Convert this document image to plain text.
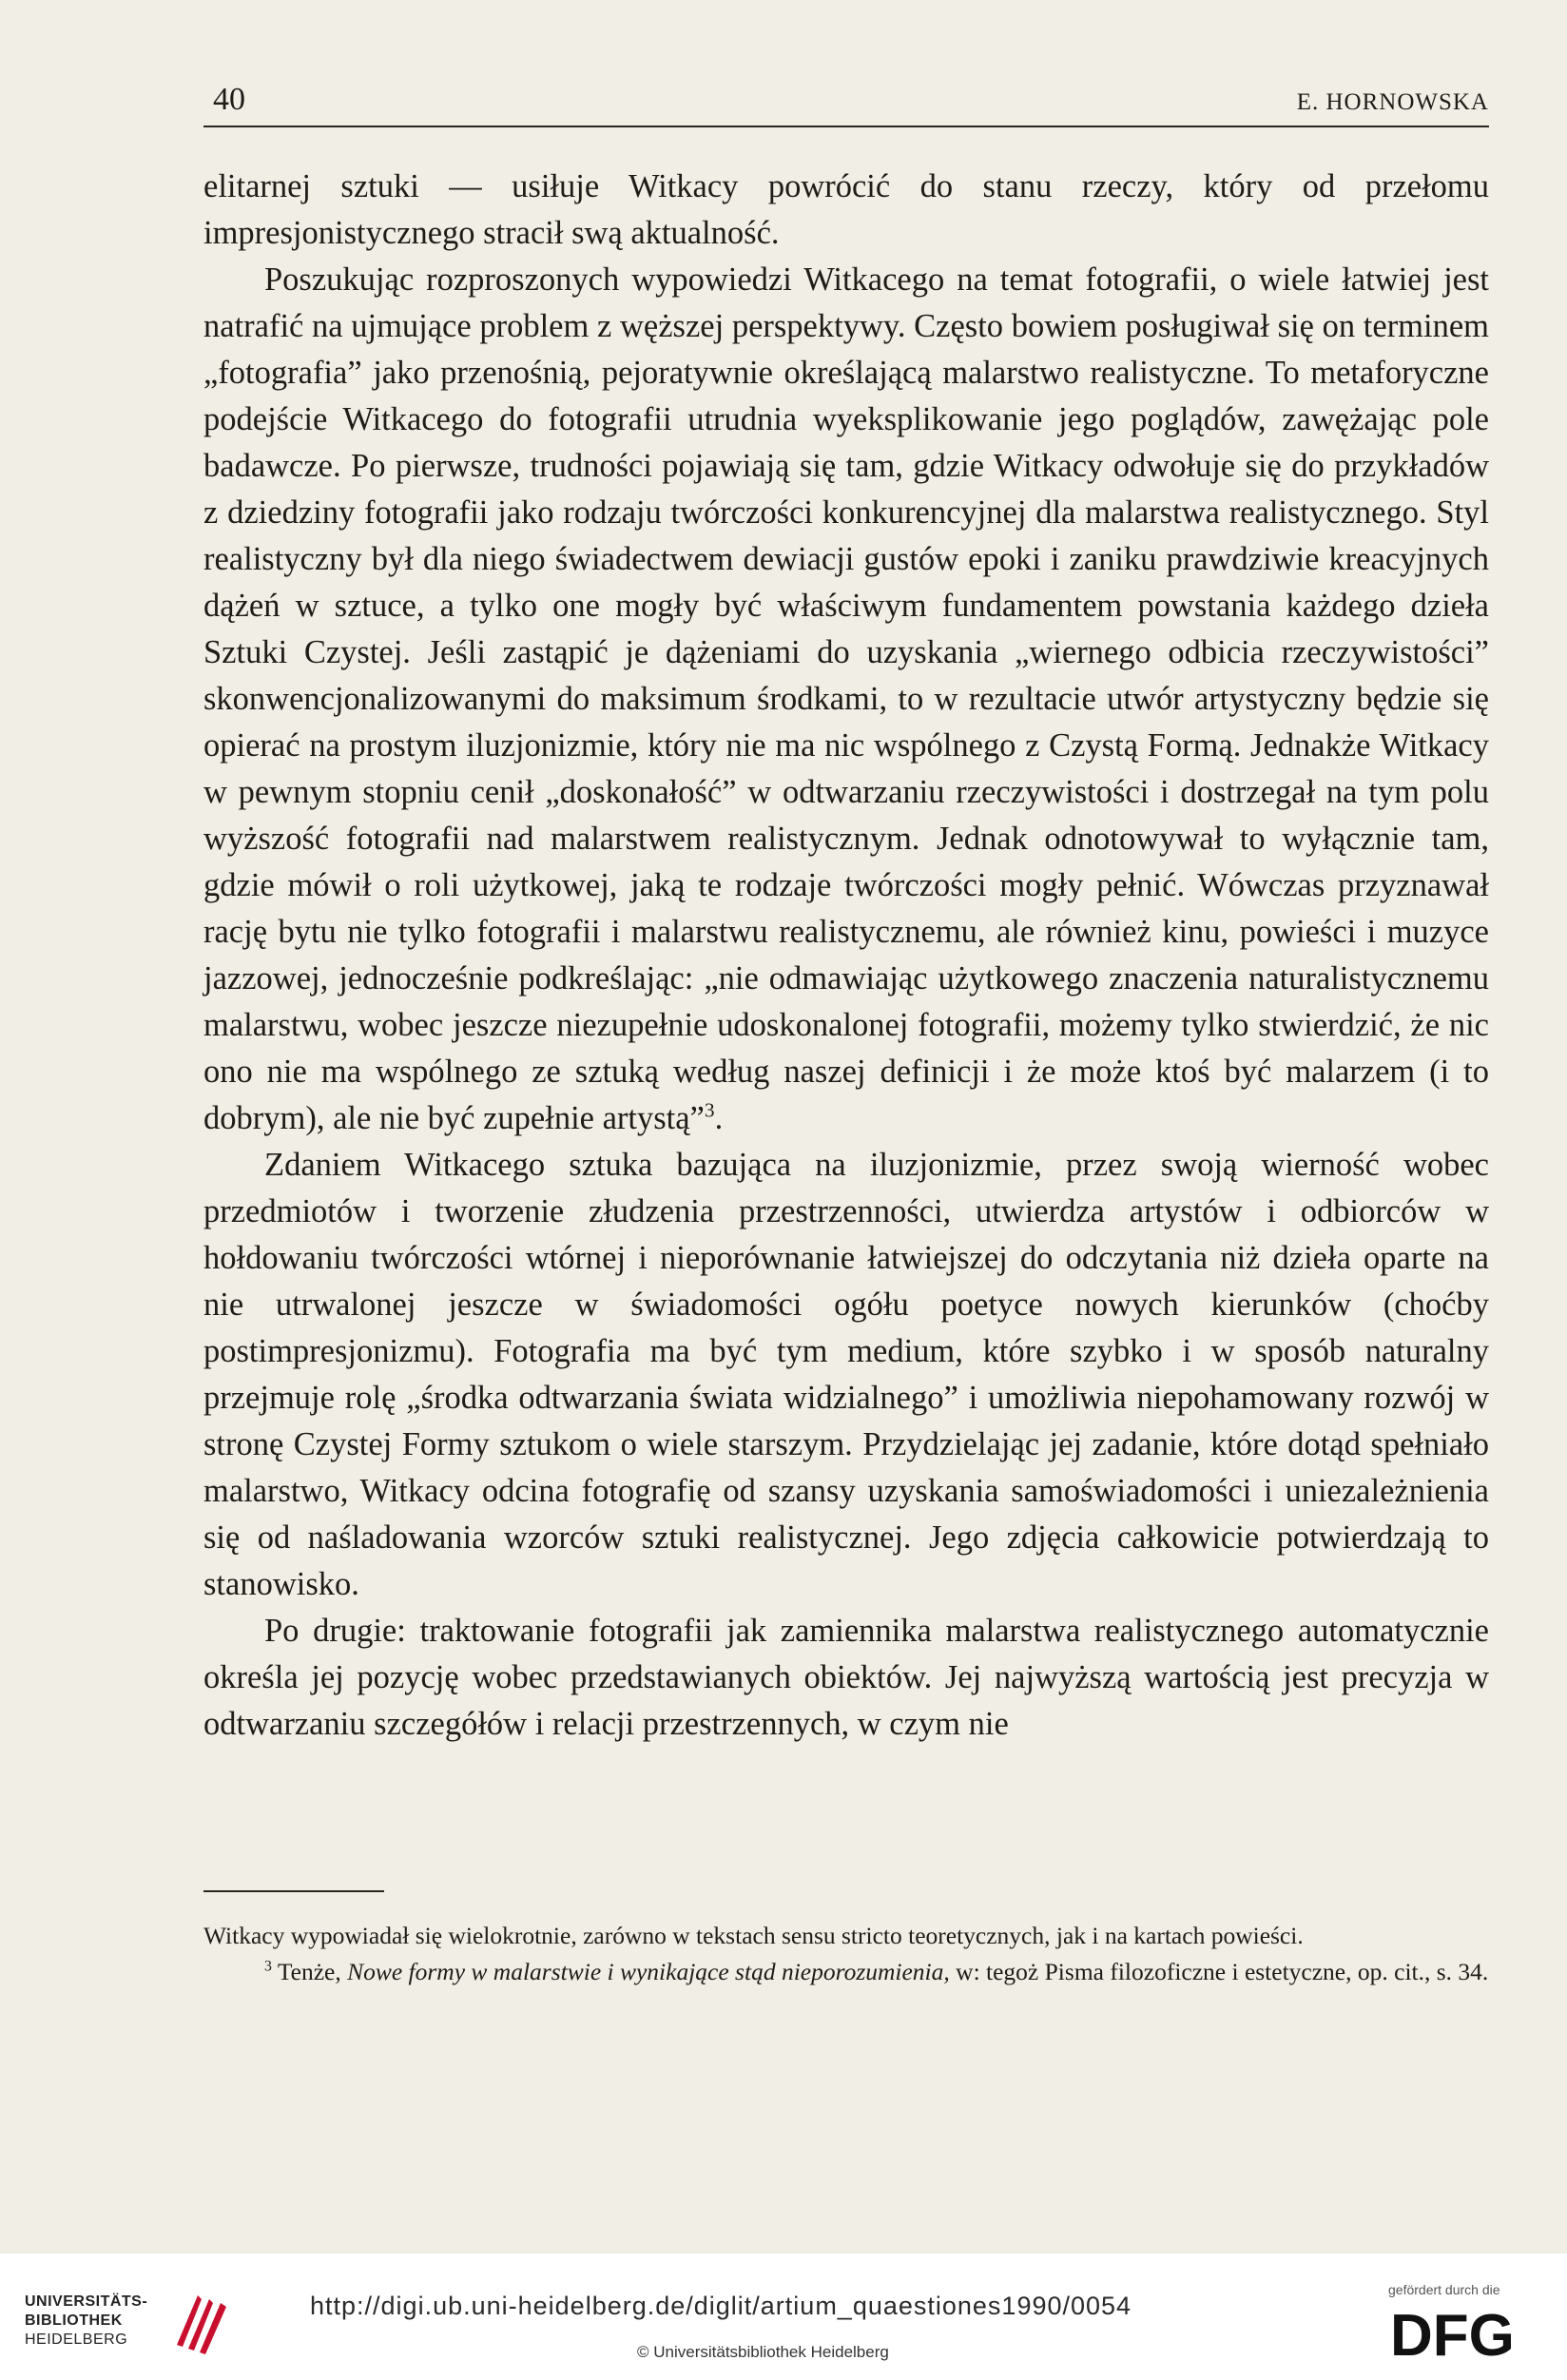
40	E. HORNOWSKA

elitarnej sztuki — usiłuje Witkacy powrócić do stanu rzeczy, który od przełomu impresjonistycznego stracił swą aktualność.

Poszukując rozproszonych wypowiedzi Witkacego na temat fotografii, o wiele łatwiej jest natrafić na ujmujące problem z węższej perspektywy. Często bowiem posługiwał się on terminem „fotografia” jako przenośnią, pejoratywnie określającą malarstwo realistyczne. To metaforyczne podejście Witkacego do fotografii utrudnia wyeksplikowanie jego poglądów, zawężając pole badawcze. Po pierwsze, trudności pojawiają się tam, gdzie Witkacy odwołuje się do przykładów z dziedziny fotografii jako rodzaju twórczości konkurencyjnej dla malarstwa realistycznego. Styl realistyczny był dla niego świadectwem dewiacji gustów epoki i zaniku prawdziwie kreacyjnych dążeń w sztuce, a tylko one mogły być właściwym fundamentem powstania każdego dzieła Sztuki Czystej. Jeśli zastąpić je dążeniami do uzyskania „wiernego odbicia rzeczywistości” skonwencjonalizowanymi do maksimum środkami, to w rezultacie utwór artystyczny będzie się opierać na prostym iluzjonizmie, który nie ma nic wspólnego z Czystą Formą. Jednakże Witkacy w pewnym stopniu cenił „doskonałość” w odtwarzaniu rzeczywistości i dostrzegał na tym polu wyższość fotografii nad malarstwem realistycznym. Jednak odnotowywał to wyłącznie tam, gdzie mówił o roli użytkowej, jaką te rodzaje twórczości mogły pełnić. Wówczas przyznawał rację bytu nie tylko fotografii i malarstwu realistycznemu, ale również kinu, powieści i muzyce jazzowej, jednocześnie podkreślając: „nie odmawiając użytkowego znaczenia naturalistycznemu malarstwu, wobec jeszcze niezupełnie udoskonalonej fotografii, możemy tylko stwierdzić, że nic ono nie ma wspólnego ze sztuką według naszej definicji i że może ktoś być malarzem (i to dobrym), ale nie być zupełnie artystą”$^3$.

Zdaniem Witkacego sztuka bazująca na iluzjonizmie, przez swoją wierność wobec przedmiotów i tworzenie złudzenia przestrzenności, utwierdza artystów i odbiorców w hołdowaniu twórczości wtórnej i nieporównanie łatwiejszej do odczytania niż dzieła oparte na nie utrwalonej jeszcze w świadomości ogółu poetyce nowych kierunków (choćby postimpresjonizmu). Fotografia ma być tym medium, które szybko i w sposób naturalny przejmuje rolę „środka odtwarzania świata widzialnego” i umożliwia niepohamowany rozwój w stronę Czystej Formy sztukom o wiele starszym. Przydzielając jej zadanie, które dotąd spełniało malarstwo, Witkacy odcina fotografię od szansy uzyskania samoświadomości i uniezależnienia się od naśladowania wzorców sztuki realistycznej. Jego zdjęcia całkowicie potwierdzają to stanowisko.

Po drugie: traktowanie fotografii jak zamiennika malarstwa realistycznego automatycznie określa jej pozycję wobec przedstawianych obiektów. Jej najwyższą wartością jest precyzja w odtwarzaniu szczegółów i relacji przestrzennych, w czym nie

Witkacy wypowiadał się wielokrotnie, zarówno w tekstach sensu stricto teoretycznych, jak i na kartach powieści.

$^3$ Tenże, Nowe formy w malarstwie i wynikające stąd nieporozumienia, w: tegoż Pisma filozoficzne i estetyczne, op. cit., s. 34.

UNIVERSITÄTS-
BIBLIOTHEK
HEIDELBERG
http://digi.ub.uni-heidelberg.de/diglit/artium_quaestiones1990/0054
© Universitätsbibliothek Heidelberg
gefördert durch die
DFG
